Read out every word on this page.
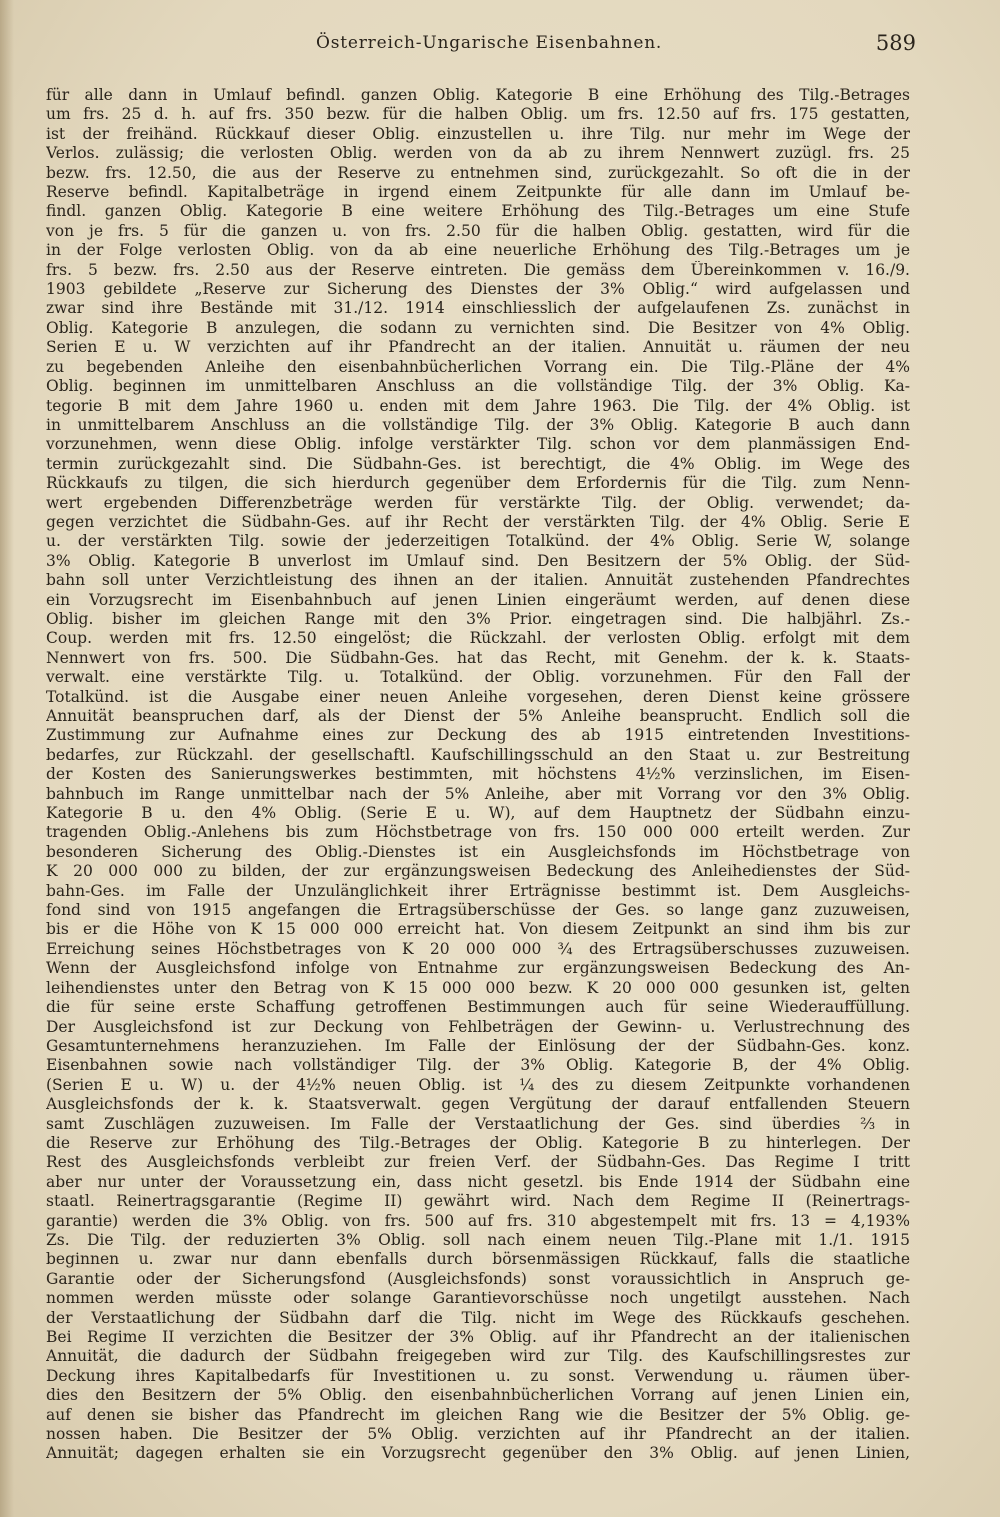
Österreich-Ungarische Eisenbahnen.	589
für alle dann in Umlauf befindl. ganzen Oblig. Kategorie B eine Erhöhung des Tilg.-Betrages
um frs. 25 d. h. auf frs. 350 bezw. für die halben Oblig. um frs. 12.50 auf frs. 175 gestatten,
ist der freihänd. Rückkauf dieser Oblig. einzustellen u. ihre Tilg. nur mehr im Wege der
Verlos. zulässig; die verlosten Oblig. werden von da ab zu ihrem Nennwert zuzügl. frs. 25
bezw. frs. 12.50, die aus der Reserve zu entnehmen sind, zurückgezahlt. So oft die in der
Reserve befindl. Kapitalbeträge in irgend einem Zeitpunkte für alle dann im Umlauf be-
findl. ganzen Oblig. Kategorie B eine weitere Erhöhung des Tilg.-Betrages um eine Stufe
von je frs. 5 für die ganzen u. von frs. 2.50 für die halben Oblig. gestatten, wird für die
in der Folge verlosten Oblig. von da ab eine neuerliche Erhöhung des Tilg.-Betrages um je
frs. 5 bezw. frs. 2.50 aus der Reserve eintreten. Die gemäss dem Übereinkommen v. 16./9.
1903 gebildete „Reserve zur Sicherung des Dienstes der 3% Oblig.“ wird aufgelassen und
zwar sind ihre Bestände mit 31./12. 1914 einschliesslich der aufgelaufenen Zs. zunächst in
Oblig. Kategorie B anzulegen, die sodann zu vernichten sind. Die Besitzer von 4% Oblig.
Serien E u. W verzichten auf ihr Pfandrecht an der italien. Annuität u. räumen der neu
zu begebenden Anleihe den eisenbahnbücherlichen Vorrang ein. Die Tilg.-Pläne der 4%
Oblig. beginnen im unmittelbaren Anschluss an die vollständige Tilg. der 3% Oblig. Ka-
tegorie B mit dem Jahre 1960 u. enden mit dem Jahre 1963. Die Tilg. der 4% Oblig. ist
in unmittelbarem Anschluss an die vollständige Tilg. der 3% Oblig. Kategorie B auch dann
vorzunehmen, wenn diese Oblig. infolge verstärkter Tilg. schon vor dem planmässigen End-
termin zurückgezahlt sind. Die Südbahn-Ges. ist berechtigt, die 4% Oblig. im Wege des
Rückkaufs zu tilgen, die sich hierdurch gegenüber dem Erfordernis für die Tilg. zum Nenn-
wert ergebenden Differenzbeträge werden für verstärkte Tilg. der Oblig. verwendet; da-
gegen verzichtet die Südbahn-Ges. auf ihr Recht der verstärkten Tilg. der 4% Oblig. Serie E
u. der verstärkten Tilg. sowie der jederzeitigen Totalkünd. der 4% Oblig. Serie W, solange
3% Oblig. Kategorie B unverlost im Umlauf sind. Den Besitzern der 5% Oblig. der Süd-
bahn soll unter Verzichtleistung des ihnen an der italien. Annuität zustehenden Pfandrechtes
ein Vorzugsrecht im Eisenbahnbuch auf jenen Linien eingeräumt werden, auf denen diese
Oblig. bisher im gleichen Range mit den 3% Prior. eingetragen sind. Die halbjährl. Zs.-
Coup. werden mit frs. 12.50 eingelöst; die Rückzahl. der verlosten Oblig. erfolgt mit dem
Nennwert von frs. 500. Die Südbahn-Ges. hat das Recht, mit Genehm. der k. k. Staats-
verwalt. eine verstärkte Tilg. u. Totalkünd. der Oblig. vorzunehmen. Für den Fall der
Totalkünd. ist die Ausgabe einer neuen Anleihe vorgesehen, deren Dienst keine grössere
Annuität beanspruchen darf, als der Dienst der 5% Anleihe beansprucht. Endlich soll die
Zustimmung zur Aufnahme eines zur Deckung des ab 1915 eintretenden Investitions-
bedarfes, zur Rückzahl. der gesellschaftl. Kaufschillingsschuld an den Staat u. zur Bestreitung
der Kosten des Sanierungswerkes bestimmten, mit höchstens 4½% verzinslichen, im Eisen-
bahnbuch im Range unmittelbar nach der 5% Anleihe, aber mit Vorrang vor den 3% Oblig.
Kategorie B u. den 4% Oblig. (Serie E u. W), auf dem Hauptnetz der Südbahn einzu-
tragenden Oblig.-Anlehens bis zum Höchstbetrage von frs. 150 000 000 erteilt werden. Zur
besonderen Sicherung des Oblig.-Dienstes ist ein Ausgleichsfonds im Höchstbetrage von
K 20 000 000 zu bilden, der zur ergänzungsweisen Bedeckung des Anleihedienstes der Süd-
bahn-Ges. im Falle der Unzulänglichkeit ihrer Erträgnisse bestimmt ist. Dem Ausgleichs-
fond sind von 1915 angefangen die Ertragsüberschüsse der Ges. so lange ganz zuzuweisen,
bis er die Höhe von K 15 000 000 erreicht hat. Von diesem Zeitpunkt an sind ihm bis zur
Erreichung seines Höchstbetrages von K 20 000 000 ¾ des Ertragsüberschusses zuzuweisen.
Wenn der Ausgleichsfond infolge von Entnahme zur ergänzungsweisen Bedeckung des An-
leihendienstes unter den Betrag von K 15 000 000 bezw. K 20 000 000 gesunken ist, gelten
die für seine erste Schaffung getroffenen Bestimmungen auch für seine Wiederauffüllung.
Der Ausgleichsfond ist zur Deckung von Fehlbeträgen der Gewinn- u. Verlustrechnung des
Gesamtunternehmens heranzuziehen. Im Falle der Einlösung der der Südbahn-Ges. konz.
Eisenbahnen sowie nach vollständiger Tilg. der 3% Oblig. Kategorie B, der 4% Oblig.
(Serien E u. W) u. der 4½% neuen Oblig. ist ¼ des zu diesem Zeitpunkte vorhandenen
Ausgleichsfonds der k. k. Staatsverwalt. gegen Vergütung der darauf entfallenden Steuern
samt Zuschlägen zuzuweisen. Im Falle der Verstaatlichung der Ges. sind überdies ⅔ in
die Reserve zur Erhöhung des Tilg.-Betrages der Oblig. Kategorie B zu hinterlegen. Der
Rest des Ausgleichsfonds verbleibt zur freien Verf. der Südbahn-Ges. Das Regime I tritt
aber nur unter der Voraussetzung ein, dass nicht gesetzl. bis Ende 1914 der Südbahn eine
staatl. Reinertragsgarantie (Regime II) gewährt wird. Nach dem Regime II (Reinertrags-
garantie) werden die 3% Oblig. von frs. 500 auf frs. 310 abgestempelt mit frs. 13 = 4,193%
Zs. Die Tilg. der reduzierten 3% Oblig. soll nach einem neuen Tilg.-Plane mit 1./1. 1915
beginnen u. zwar nur dann ebenfalls durch börsenmässigen Rückkauf, falls die staatliche
Garantie oder der Sicherungsfond (Ausgleichsfonds) sonst voraussichtlich in Anspruch ge-
nommen werden müsste oder solange Garantievorschüsse noch ungetilgt ausstehen. Nach
der Verstaatlichung der Südbahn darf die Tilg. nicht im Wege des Rückkaufs geschehen.
Bei Regime II verzichten die Besitzer der 3% Oblig. auf ihr Pfandrecht an der italienischen
Annuität, die dadurch der Südbahn freigegeben wird zur Tilg. des Kaufschillingsrestes zur
Deckung ihres Kapitalbedarfs für Investitionen u. zu sonst. Verwendung u. räumen über-
dies den Besitzern der 5% Oblig. den eisenbahnbücherlichen Vorrang auf jenen Linien ein,
auf denen sie bisher das Pfandrecht im gleichen Rang wie die Besitzer der 5% Oblig. ge-
nossen haben. Die Besitzer der 5% Oblig. verzichten auf ihr Pfandrecht an der italien.
Annuität; dagegen erhalten sie ein Vorzugsrecht gegenüber den 3% Oblig. auf jenen Linien,
